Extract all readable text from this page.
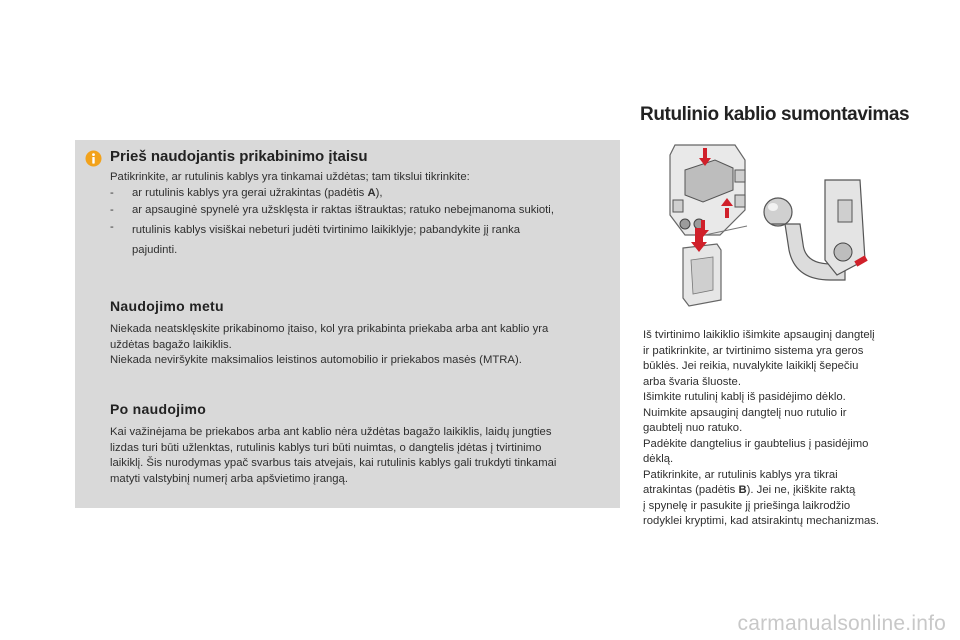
Prieš naudojantis prikabinimo įtaisu
Patikrinkite, ar rutulinis kablys yra tinkamai uždėtas; tam tikslui tikrinkite:
- ar rutulinis kablys yra gerai užrakintas (padėtis A),
- ar apsauginė spynelė yra užsklęsta ir raktas ištrauktas; ratuko nebeįmanoma sukioti,
- rutulinis kablys visiškai nebeturi judėti tvirtinimo laikiklyje; pabandykite jį ranka
pajudinti.
Naudojimo metu
Niekada neatsklęskite prikabinomo įtaiso, kol yra prikabinta priekaba arba ant kablio yra
uždėtas bagažo laikiklis.
Niekada neviršykite maksimalios leistinos automobilio ir priekabos masės (MTRA).
Po naudojimo
Kai važinėjama be priekabos arba ant kablio nėra uždėtas bagažo laikiklis, laidų jungties
lizdas turi būti užlenktas, rutulinis kablys turi būti nuimtas, o dangtelis įdėtas į tvirtinimo
laikiklį. Šis nurodymas ypač svarbus tais atvejais, kai rutulinis kablys gali trukdyti tinkamai
matyti valstybinį numerį arba apšvietimo įrangą.
Rutulinio kablio sumontavimas
Iš tvirtinimo laikiklio išimkite apsauginį dangtelį
ir patikrinkite, ar tvirtinimo sistema yra geros
būklės. Jei reikia, nuvalykite laikiklį šepečiu
arba švaria šluoste.
Išimkite rutulinį kablį iš pasidėjimo dėklo.
Nuimkite apsauginį dangtelį nuo rutulio ir
gaubtelį nuo ratuko.
Padėkite dangtelius ir gaubtelius į pasidėjimo
dėklą.
Patikrinkite, ar rutulinis kablys yra tikrai
atrakintas (padėtis B). Jei ne, įkiškite raktą
į spynelę ir pasukite jį priešinga laikrodžio
rodyklei kryptimi, kad atsirakintų mechanizmas.
carmanualsonline.info
